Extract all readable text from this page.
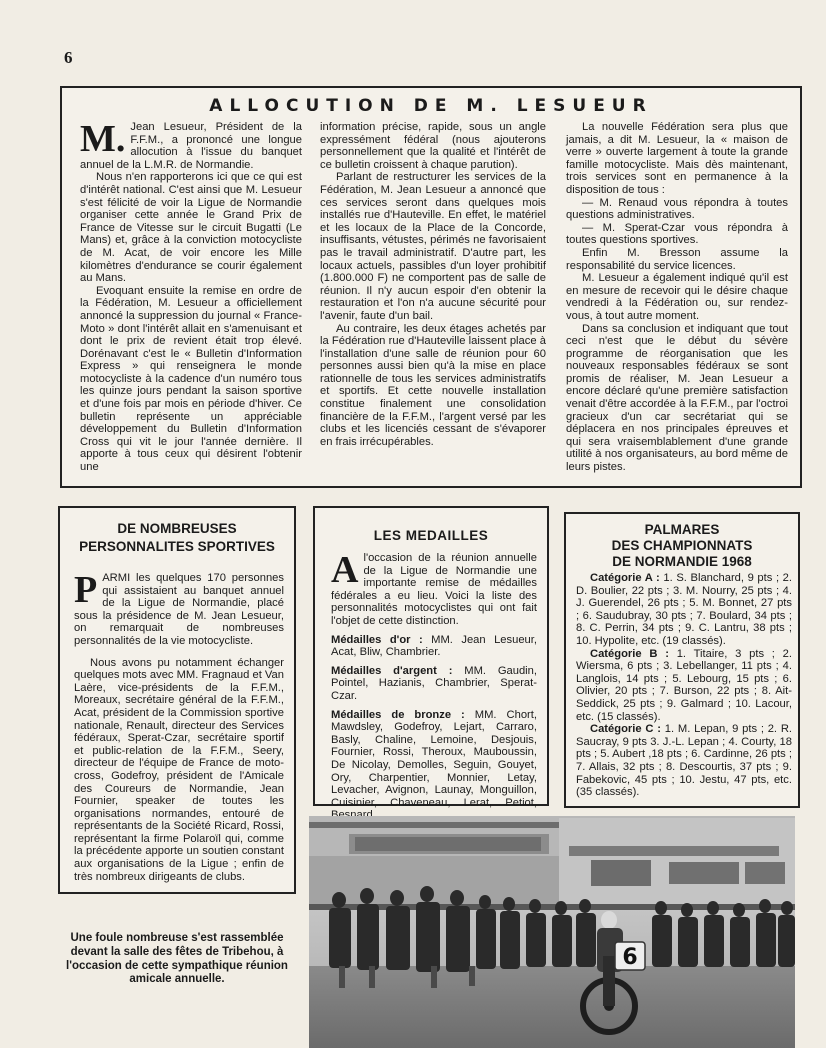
6
ALLOCUTION DE M. LESUEUR

M. Jean Lesueur, Président de la F.F.M., a prononcé une longue allocution à l'issue du banquet annuel de la L.M.R. de Normandie.

Nous n'en rapporterons ici que ce qui est d'intérêt national. C'est ainsi que M. Lesueur s'est félicité de voir la Ligue de Normandie organiser cette année le Grand Prix de France de Vitesse sur le circuit Bugatti (Le Mans) et, grâce à la conviction motocycliste de M. Acat, de voir encore les Mille kilomètres d'endurance se courir également au Mans.

Evoquant ensuite la remise en ordre de la Fédération, M. Lesueur a officiellement annoncé la suppression du journal « France-Moto » dont l'intérêt allait en s'amenuisant et dont le prix de revient était trop élevé. Dorénavant c'est le « Bulletin d'Information Express » qui renseignera le monde motocycliste à la cadence d'un numéro tous les quinze jours pendant la saison sportive et d'une fois par mois en période d'hiver. Ce bulletin représente un appréciable développement du Bulletin d'Information Cross qui vit le jour l'année dernière. Il apporte à tous ceux qui désirent l'obtenir une

information précise, rapide, sous un angle expressément fédéral (nous ajouterons personnellement que la qualité et l'intérêt de ce bulletin croissent à chaque parution).

Parlant de restructurer les services de la Fédération, M. Jean Lesueur a annoncé que ces services seront dans quelques mois installés rue d'Hauteville. En effet, le matériel et les locaux de la Place de la Concorde, insuffisants, vétustes, périmés ne favorisaient pas le travail administratif. D'autre part, les locaux actuels, passibles d'un loyer prohibitif (1.800.000 F) ne comportent pas de salle de réunion. Il n'y aucun espoir d'en obtenir la restauration et l'on n'a aucune sécurité pour l'avenir, faute d'un bail.

Au contraire, les deux étages achetés par la Fédération rue d'Hauteville laissent place à l'installation d'une salle de réunion pour 60 personnes aussi bien qu'à la mise en place rationnelle de tous les services administratifs et sportifs. Et cette nouvelle installation constitue finalement une consolidation financière de la F.F.M., l'argent versé par les clubs et les licenciés cessant de s'évaporer en frais irrécupérables.

La nouvelle Fédération sera plus que jamais, a dit M. Lesueur, la « maison de verre » ouverte largement à toute la grande famille motocycliste. Mais dès maintenant, trois services sont en permanence à la disposition de tous :

— M. Renaud vous répondra à toutes questions administratives.

— M. Sperat-Czar vous répondra à toutes questions sportives.

Enfin M. Bresson assume la responsabilité du service licences.

M. Lesueur a également indiqué qu'il est en mesure de recevoir qui le désire chaque vendredi à la Fédération ou, sur rendez-vous, à tout autre moment.

Dans sa conclusion et indiquant que tout ceci n'est que le début du sévère programme de réorganisation que les nouveaux responsables fédéraux se sont promis de réaliser, M. Jean Lesueur a encore déclaré qu'une première satisfaction venait d'être accordée à la F.F.M., par l'octroi gracieux d'un car secrétariat qui se déplacera en nos principales épreuves et qui sera vraisemblablement d'une grande utilité à nos organisateurs, au bord même de leurs pistes.

DE NOMBREUSES
PERSONNALITES SPORTIVES

PARMI les quelques 170 personnes qui assistaient au banquet annuel de la Ligue de Normandie, placé sous la présidence de M. Jean Lesueur, on remarquait de nombreuses personnalités de la vie motocycliste.

Nous avons pu notamment échanger quelques mots avec MM. Fragnaud et Van Laère, vice-présidents de la F.F.M., Moreaux, secrétaire général de la F.F.M., Acat, président de la Commission sportive nationale, Renault, directeur des Services fédéraux, Sperat-Czar, secrétaire sportif et public-relation de la F.F.M., Seery, directeur de l'équipe de France de moto-cross, Godefroy, président de l'Amicale des Coureurs de Normandie, Jean Fournier, speaker de toutes les organisations normandes, entouré de représentants de la Société Ricard, Rossi, représentant la firme Polaroïl qui, comme la précédente apporte un soutien constant aux organisations de la Ligue ; enfin de très nombreux dirigeants de clubs.

LES MEDAILLES

Al'occasion de la réunion annuelle de la Ligue de Normandie une importante remise de médailles fédérales a eu lieu. Voici la liste des personnalités motocyclistes qui ont fait l'objet de cette distinction.

Médailles d'or : MM. Jean Lesueur, Acat, Bliw, Chambrier.

Médailles d'argent : MM. Gaudin, Pointel, Hazianis, Chambrier, Sperat-Czar.

Médailles de bronze : MM. Chort, Mawdsley, Godefroy, Lejart, Carraro, Basly, Chaline, Lemoine, Desjouis, Fournier, Rossi, Theroux, Mauboussin, De Nicolay, Demolles, Seguin, Gouyet, Ory, Charpentier, Monnier, Letay, Levacher, Avignon, Launay, Monguillon, Cuisinier, Chaveneau, Lerat, Petiot,

PALMARES
DES CHAMPIONNATS
DE NORMANDIE 1968

Catégorie A : 1. S. Blanchard, 9 pts ; 2. D. Boulier, 22 pts ; 3. M. Nourry, 25 pts ; 4. J. Guerendel, 26 pts ; 5. M. Bonnet, 27 pts ; 6. Saudubray, 30 pts ; 7. Boulard, 34 pts ; 8. C. Perrin, 34 pts ; 9. C. Lantru, 38 pts ; 10. Hypolite, etc. (19 classés).

Catégorie B : 1. Titaire, 3 pts ; 2. Wiersma, 6 pts ; 3. Lebellanger, 11 pts ; 4. Langlois, 14 pts ; 5. Lebourg, 15 pts ; 6. Olivier, 20 pts ; 7. Burson, 22 pts ; 8. Ait-Seddick, 25 pts ; 9. Galmard ; 10. Lacour, etc. (15 classés).

Catégorie C : 1. M. Lepan, 9 pts ; 2. R. Saucray, 9 pts 3. J.-L. Lepan ; 4. Courty, 18 pts ; 5. Aubert ,18 pts ; 6. Cardinne, 26 pts ; 7. Allais, 32 pts ; 8. Descourtis, 37 pts ; 9. Fabekovic, 45 pts ; 10. Jestu, 47 pts, etc. (35 classés).

6
Une foule nombreuse s'est rassemblée devant la salle des fêtes de Tribehou, à l'occasion de cette sympathique réunion amicale annuelle.
